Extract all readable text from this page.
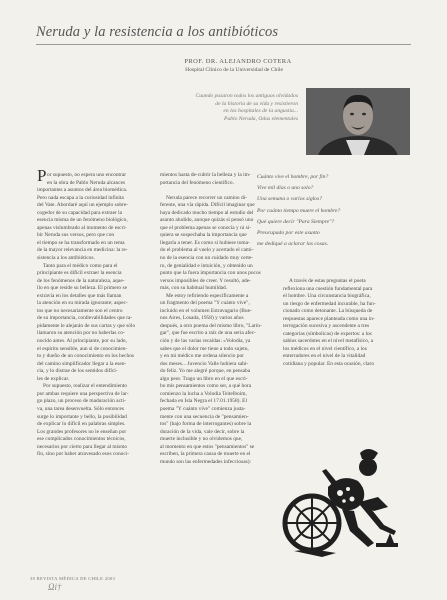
Neruda y la resistencia a los antibióticos
PROF. DR. ALEJANDRO COTERA
Hospital Clínico de la Universidad de Chile
Cuando pasaron todos los antiguos olvidados
de la historia de su vida y resistieron
en los hospitales de la angustia...
Pablo Neruda, Odas elementales
P or supuesto, no espera uno encontrar
en la obra de Pablo Neruda alcances
importantes a asuntos del área biomédica.
Pero nada escapa a la curiosidad infinita
del Vate. Abordaré aquí un ejemplo sobre-
cogedor de su capacidad para extraer la
esencia misma de un fenómeno biológico,
apenas vislumbrado al momento de escri-
bir Neruda sus versos, pero que con
el tiempo se ha transformado en un tema
de la mayor relevancia en medicina: la re-
sistencia a los antibióticos.
Tanto para el médico como para el
principiante es difícil extraer la esencia
de los fenómenos de la naturaleza, aque-
llo en que reside su belleza. El primero se
extravía en los detalles que más llaman
la atención en su mirada ignorante; aspec-
tos que no necesariamente son el centro
de su importancia, conllevabilidades que ra-
pidamente le alejarán de sus cartas y que sólo
llamaron su atención por no haberlas co-
nocido antes. Al principiante, por su lado,
el espíritu sensible, aun si de conocimien-
to y dueño de un conocimiento en los hechos
del camino simplificador llegar a la esen-
cia, y lo distrae de los sentidos difíci-
les de explicar.
Por supuesto, realizar el entendimiento
por ambas requiere una perspectiva de lar-
go plazo, un proceso de maduración acti-
va, una tarea desenvuelta. Sólo entonces
surge lo importante y bello, la posibilidad
de explicar lo difícil en palabras simples.
Los grandes profesores no le enseñan por
ese complicados conocimientos técnicos,
necesarios por cierto para llegar al mismo
fin, sino por haber atravesado esos conoci-
mientos hasta de-cubrir la belleza y la im-
portancia del fenómeno científico.

Neruda parece recorrer un camino di-
ferente, una vía rápida. Difícil imaginar que
haya dedicado mucho tiempo al estudio del
asunto aludido, aunque quizás sí pensó uno
que el problema apenas se conocía y ni si-
quiera se sospechaba la importancia que
llegaría a tener. Es como si hubiese toma-
do el problema al vuelo y acertado el cami-
no de la esencia con un cuidado muy certe-
ro, de genialidad e intuición, y obtenido un
punto que la fuera importancia con unos pocos
versos imposibles de creer. Y resultó, ade-
más, con su habitual humildad.
Me estoy refiriendo específicamente a
un fragmento del poema "Y cuánto vive",
incluido en el volumen Estravagario (Bue-
nos Aires, Losada, 1958) y varios años
después, a otro poema del mismo libro, "Larin-
gar", que fue escrito a raíz de una seria afec-
ción y de las varias recaídas: «Volodia, ya
sabes que el dolor me tiene a todo sujeto,
y en mi médico me ordena silencio por
dos meses... Juvencio Valle hubiera sabi-
do feliz. Yo me alegré porque, en pensaba
algo peor. Trago un libro en el que escri-
bo mis pensamientos como ser, a qué hora
comienzo la lucha a Volodia Teitelboim,
fechada en Isla Negra el 17.01.1958). El
poema "Y cuánto vive" comienza justa-
mente con una secuencia de "pensamien-
tos" (bajo forma de interrogantes) sobre la
duración de la vida, vale decir, sobre la
muerte inclusiblе y no olvidemos que,
al momento en que estos "pensamientos" se
escriben, la primera causa de muerte en el
mundo son las enfermedades infecciosas):
Cuánto vive el hombre, por fin?
Vive mil días o uno solo?
Una semana o varios siglos?
Por cuánto tiempo muere el hombre?
Qué quiere decir "Para Siempre"?
Preocupado por este asunto
me dediqué a aclarar las cosas.
A través de estas preguntas el poeta
reflexiona una cuestión fundamental para
el hombre. Una circunstancia biográfica,
un riesgo de enfermedad incurable, ha fun-
cionado como detonante. La búsqueda de
respuestas aparece planteada como una in-
terrogación sucesiva y ascendente a tres
categorías (símbolicas) de expertos: a los
sabios sacerdotes en el nivel metafísico, a
los médicos en el nivel científico, a los
enterradores en el nivel de la vitalidad
cotidiana y popular. En esta ocasión, claro
30 REVISTA MÉDICA DE CHILE 2003
Ωi†
